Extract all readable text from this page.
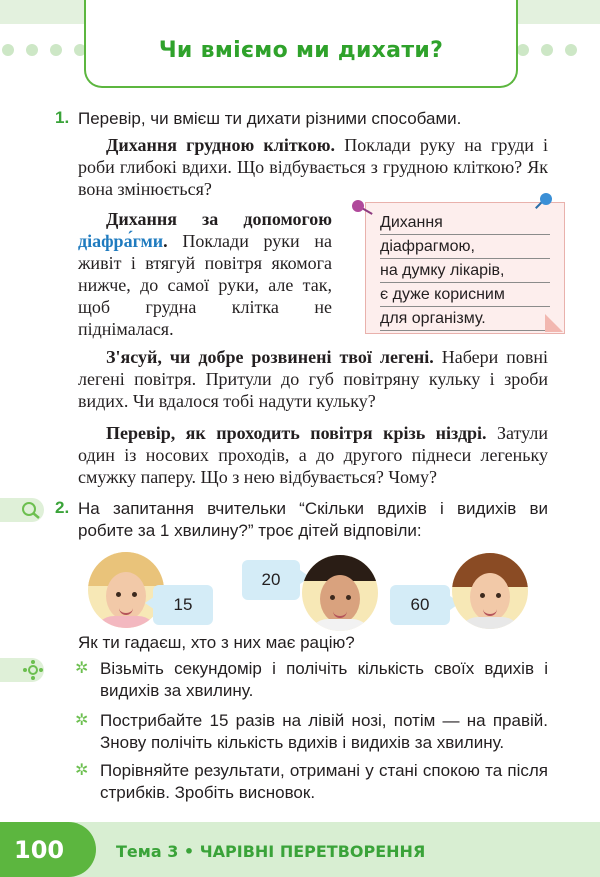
Чи вміємо ми дихати?
1. Перевір, чи вмієш ти дихати різними способами.
Дихання грудною кліткою. Поклади руку на груди і роби глибокі вдихи. Що відбувається з грудною кліткою? Як вона змінюється?
Дихання за допомогою діафра́гми. Поклади руки на живіт і втягуй повітря якомога нижче, до самої руки, але так, щоб грудна клітка не піднімалася.
Дихання
діафрагмою,
на думку лікарів,
є дуже корисним
для організму.
З'ясуй, чи добре розвинені твої легені. Набери повні легені повітря. Притули до губ повітряну кульку і зроби видих. Чи вдалося тобі надути кульку?
Перевір, як проходить повітря крізь ніздрі. Затули один із носових проходів, а до другого піднеси легеньку смужку паперу. Що з нею відбувається? Чому?
2. На запитання вчительки “Скільки вдихів і видихів ви робите за 1 хвилину?” троє дітей відповіли:
15
20
60
Як ти гадаєш, хто з них має рацію?
✲ Візьміть секундомір і полічіть кількість своїх вдихів і видихів за хвилину.
✲ Пострибайте 15 разів на лівій нозі, потім — на правій. Знову полічіть кількість вдихів і видихів за хвилину.
✲ Порівняйте результати, отримані у стані спокою та після стрибків. Зробіть висновок.
100	Тема 3 • ЧАРІВНІ ПЕРЕТВОРЕННЯ
